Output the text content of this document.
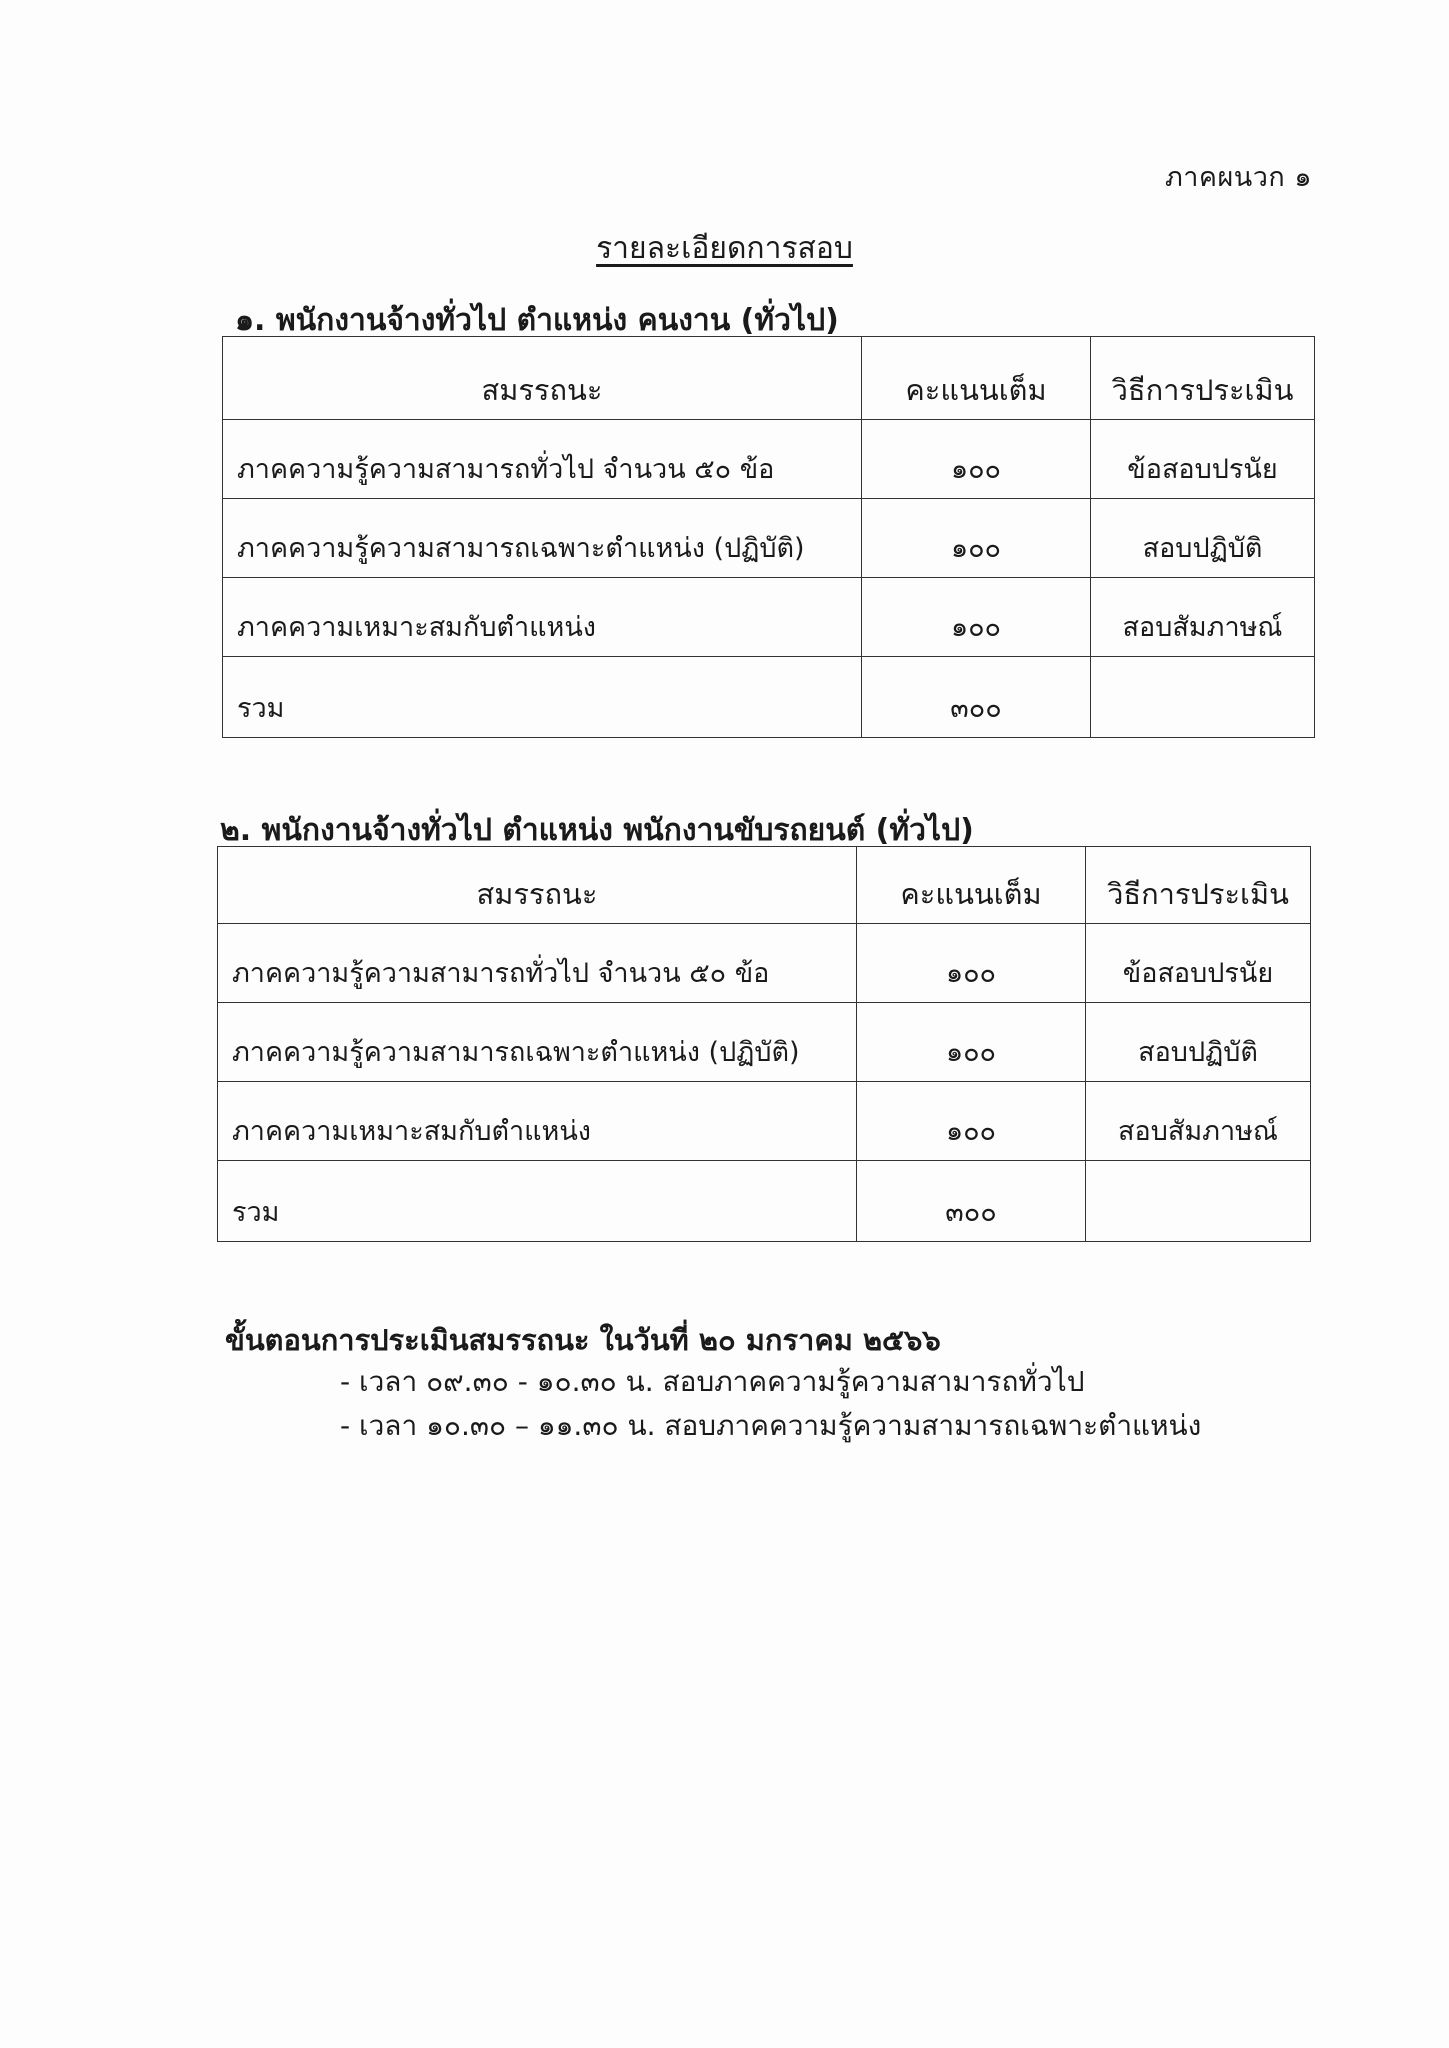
ภาคผนวก ๑
รายละเอียดการสอบ
๑. พนักงานจ้างทั่วไป ตำแหน่ง คนงาน (ทั่วไป)
สมรรถนะ	คะแนนเต็ม	วิธีการประเมิน
ภาคความรู้ความสามารถทั่วไป จำนวน ๕๐ ข้อ	๑๐๐	ข้อสอบปรนัย
ภาคความรู้ความสามารถเฉพาะตำแหน่ง (ปฏิบัติ)	๑๐๐	สอบปฏิบัติ
ภาคความเหมาะสมกับตำแหน่ง	๑๐๐	สอบสัมภาษณ์
รวม	๓๐๐	
๒. พนักงานจ้างทั่วไป ตำแหน่ง พนักงานขับรถยนต์ (ทั่วไป)
สมรรถนะ	คะแนนเต็ม	วิธีการประเมิน
ภาคความรู้ความสามารถทั่วไป จำนวน ๕๐ ข้อ	๑๐๐	ข้อสอบปรนัย
ภาคความรู้ความสามารถเฉพาะตำแหน่ง (ปฏิบัติ)	๑๐๐	สอบปฏิบัติ
ภาคความเหมาะสมกับตำแหน่ง	๑๐๐	สอบสัมภาษณ์
รวม	๓๐๐	
ขั้นตอนการประเมินสมรรถนะ ในวันที่ ๒๐ มกราคม ๒๕๖๖
- เวลา ๐๙.๓๐ - ๑๐.๓๐ น. สอบภาคความรู้ความสามารถทั่วไป
- เวลา ๑๐.๓๐ – ๑๑.๓๐ น. สอบภาคความรู้ความสามารถเฉพาะตำแหน่ง
